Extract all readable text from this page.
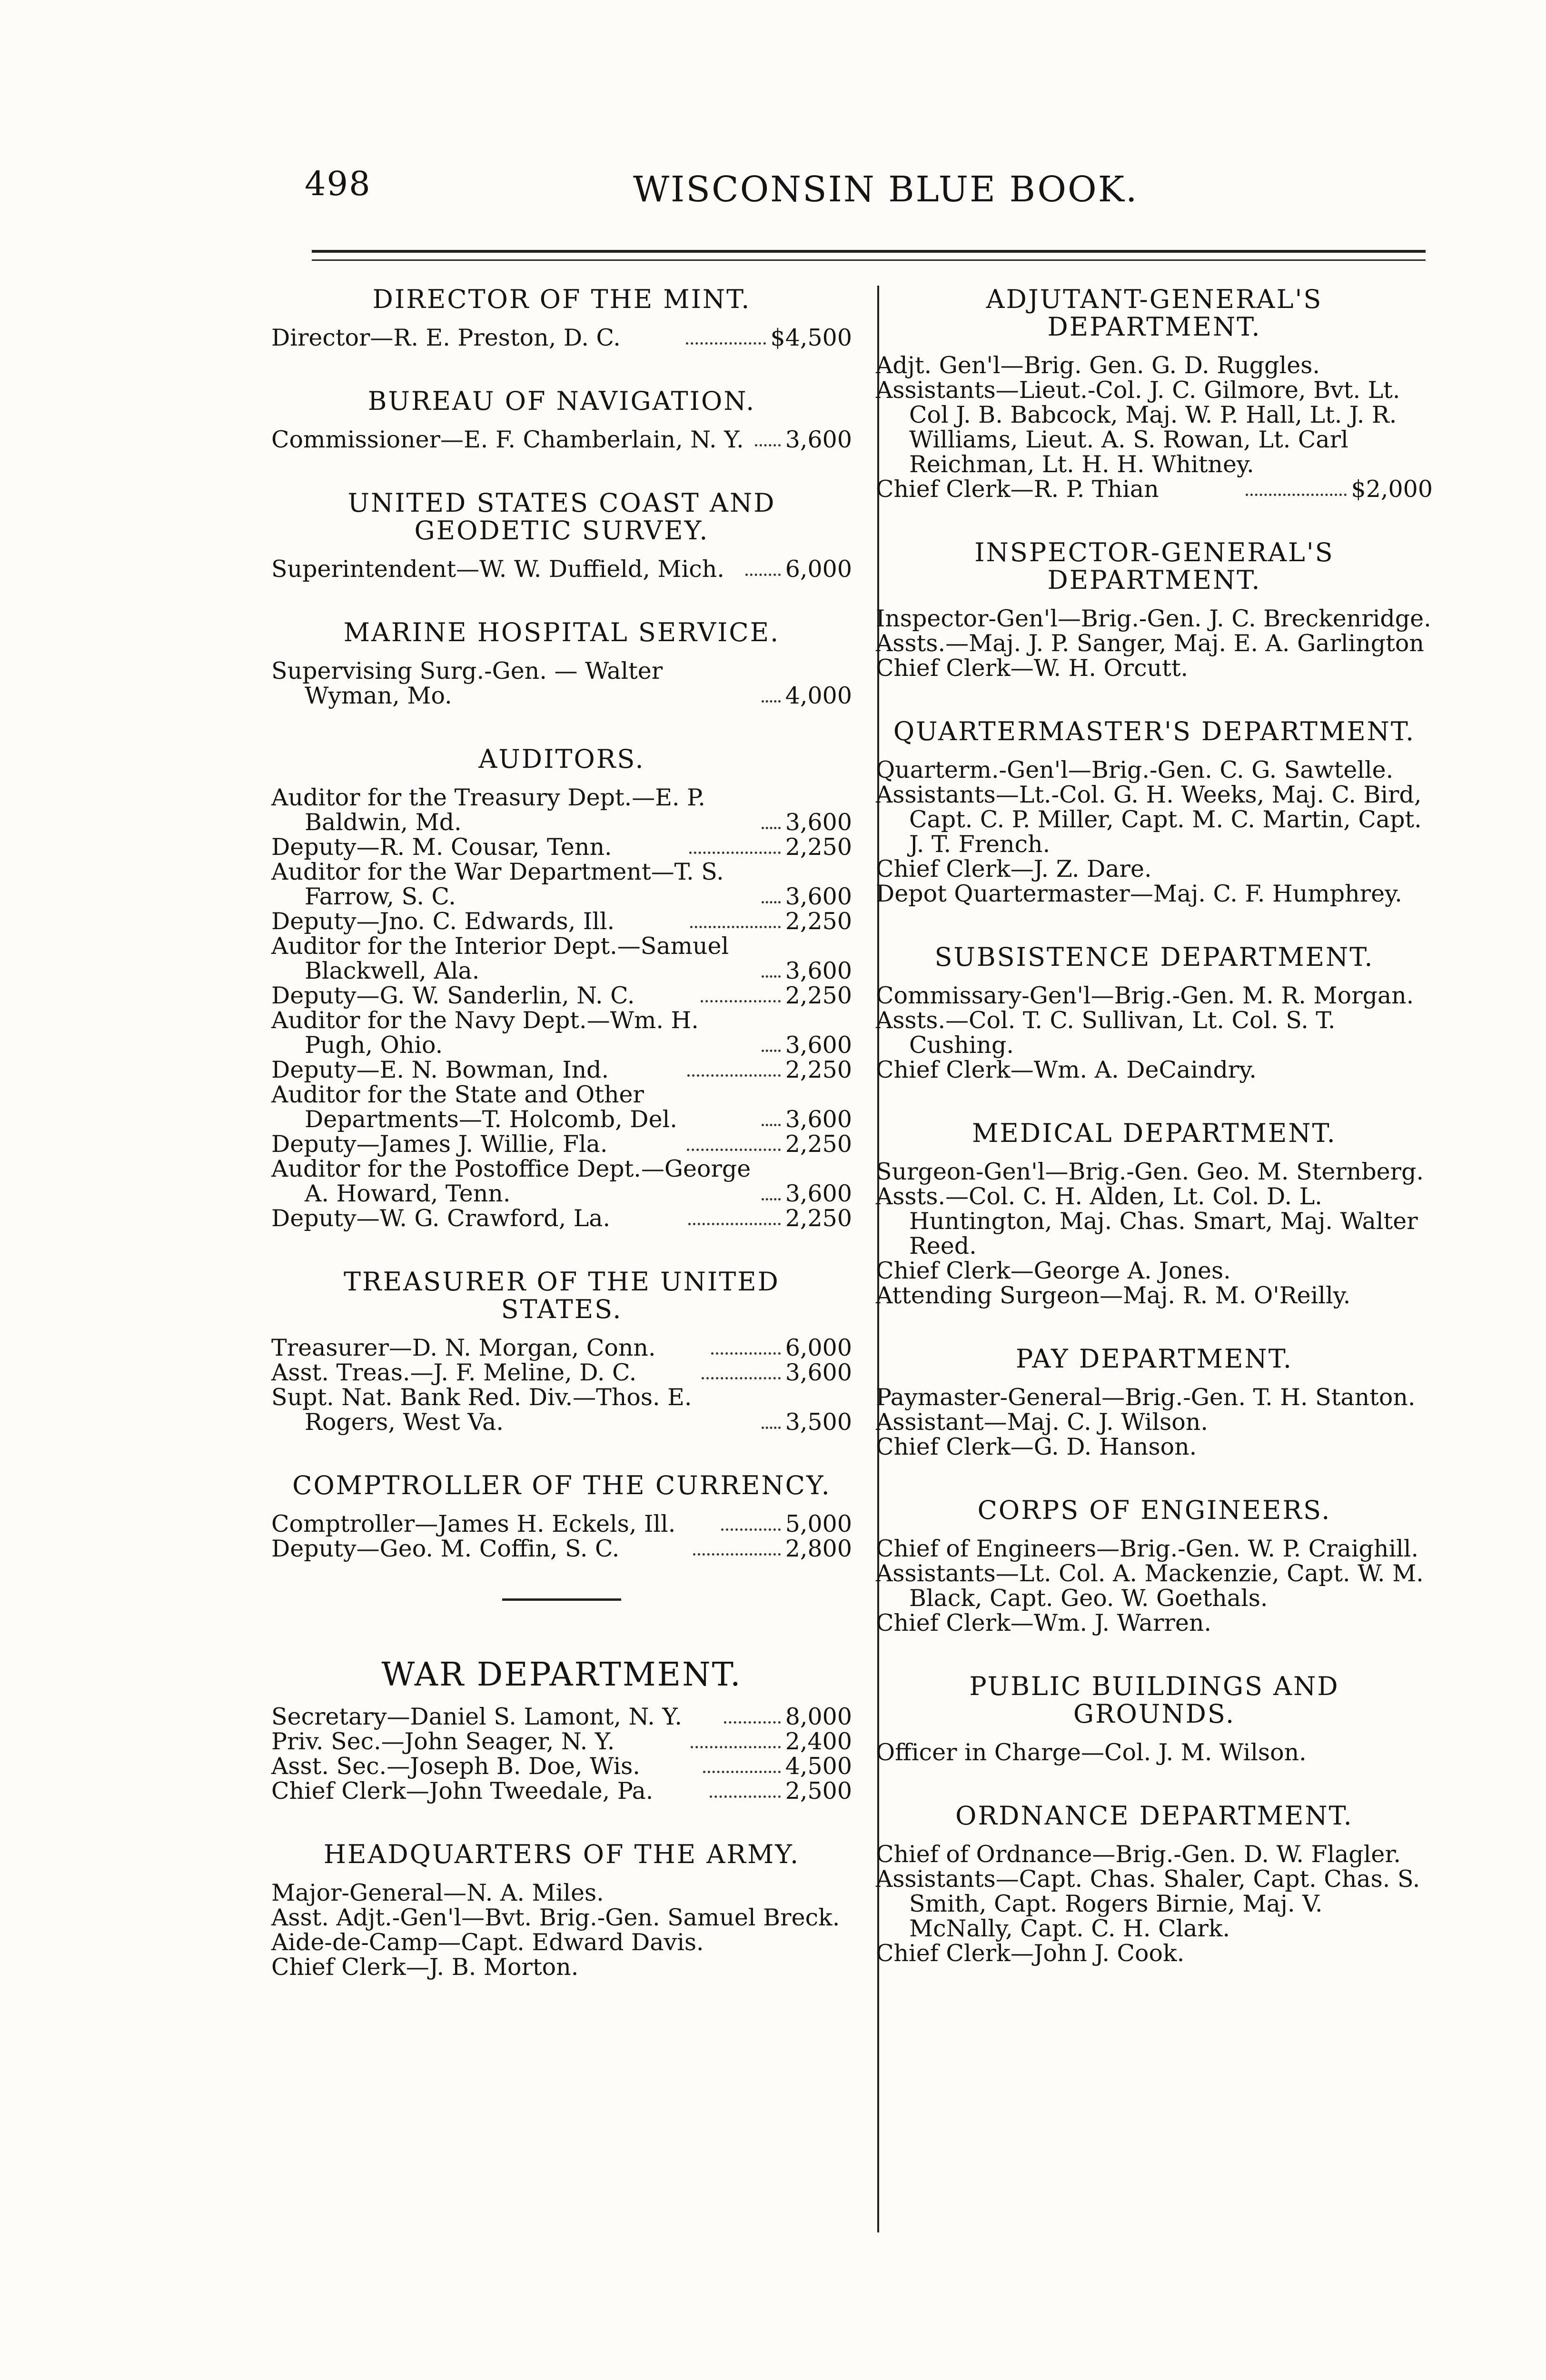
498	WISCONSIN BLUE BOOK.
DIRECTOR OF THE MINT.
Director—R. E. Preston, D. C.	$4,500
BUREAU OF NAVIGATION.
Commissioner—E. F. Chamberlain, N. Y. 3,600
UNITED STATES COAST AND GEODETIC SURVEY.
Superintendent—W. W. Duffield, Mich.	6,000
MARINE HOSPITAL SERVICE.
Supervising Surg.-Gen. — Walter Wyman, Mo.	4,000
AUDITORS.
Auditor for the Treasury Dept.—E. P. Baldwin, Md.	3,600
Deputy—R. M. Cousar, Tenn.	2,250
Auditor for the War Department—T. S. Farrow, S. C.	3,600
Deputy—Jno. C. Edwards, Ill.	2,250
Auditor for the Interior Dept.—Samuel Blackwell, Ala.	3,600
Deputy—G. W. Sanderlin, N. C.	2,250
Auditor for the Navy Dept.—Wm. H. Pugh, Ohio.	3,600
Deputy—E. N. Bowman, Ind.	2,250
Auditor for the State and Other Departments—T. Holcomb, Del.	3,600
Deputy—James J. Willie, Fla.	2,250
Auditor for the Postoffice Dept.—George A. Howard, Tenn.	3,600
Deputy—W. G. Crawford, La.	2,250
TREASURER OF THE UNITED STATES.
Treasurer—D. N. Morgan, Conn.	6,000
Asst. Treas.—J. F. Meline, D. C.	3,600
Supt. Nat. Bank Red. Div.—Thos. E. Rogers, West Va.	3,500
COMPTROLLER OF THE CURRENCY.
Comptroller—James H. Eckels, Ill.	5,000
Deputy—Geo. M. Coffin, S. C.	2,800
WAR DEPARTMENT.
Secretary—Daniel S. Lamont, N. Y.	8,000
Priv. Sec.—John Seager, N. Y.	2,400
Asst. Sec.—Joseph B. Doe, Wis.	4,500
Chief Clerk—John Tweedale, Pa.	2,500
HEADQUARTERS OF THE ARMY.
Major-General—N. A. Miles.
Asst. Adjt.-Gen'l—Bvt. Brig.-Gen. Samuel Breck.
Aide-de-Camp—Capt. Edward Davis.
Chief Clerk—J. B. Morton.
ADJUTANT-GENERAL'S DEPARTMENT.
Adjt. Gen'l—Brig. Gen. G. D. Ruggles.
Assistants—Lieut.-Col. J. C. Gilmore, Bvt. Lt. Col J. B. Babcock, Maj. W. P. Hall, Lt. J. R. Williams, Lieut. A. S. Rowan, Lt. Carl Reichman, Lt. H. H. Whitney.
Chief Clerk—R. P. Thian	$2,000
INSPECTOR-GENERAL'S DEPARTMENT.
Inspector-Gen'l—Brig.-Gen. J. C. Breckenridge.
Assts.—Maj. J. P. Sanger, Maj. E. A. Garlington
Chief Clerk—W. H. Orcutt.
QUARTERMASTER'S DEPARTMENT.
Quarterm.-Gen'l—Brig.-Gen. C. G. Sawtelle.
Assistants—Lt.-Col. G. H. Weeks, Maj. C. Bird, Capt. C. P. Miller, Capt. M. C. Martin, Capt. J. T. French.
Chief Clerk—J. Z. Dare.
Depot Quartermaster—Maj. C. F. Humphrey.
SUBSISTENCE DEPARTMENT.
Commissary-Gen'l—Brig.-Gen. M. R. Morgan.
Assts.—Col. T. C. Sullivan, Lt. Col. S. T. Cushing.
Chief Clerk—Wm. A. DeCaindry.
MEDICAL DEPARTMENT.
Surgeon-Gen'l—Brig.-Gen. Geo. M. Sternberg.
Assts.—Col. C. H. Alden, Lt. Col. D. L. Huntington, Maj. Chas. Smart, Maj. Walter Reed.
Chief Clerk—George A. Jones.
Attending Surgeon—Maj. R. M. O'Reilly.
PAY DEPARTMENT.
Paymaster-General—Brig.-Gen. T. H. Stanton.
Assistant—Maj. C. J. Wilson.
Chief Clerk—G. D. Hanson.
CORPS OF ENGINEERS.
Chief of Engineers—Brig.-Gen. W. P. Craighill.
Assistants—Lt. Col. A. Mackenzie, Capt. W. M. Black, Capt. Geo. W. Goethals.
Chief Clerk—Wm. J. Warren.
PUBLIC BUILDINGS AND GROUNDS.
Officer in Charge—Col. J. M. Wilson.
ORDNANCE DEPARTMENT.
Chief of Ordnance—Brig.-Gen. D. W. Flagler.
Assistants—Capt. Chas. Shaler, Capt. Chas. S. Smith, Capt. Rogers Birnie, Maj. V. McNally, Capt. C. H. Clark.
Chief Clerk—John J. Cook.
